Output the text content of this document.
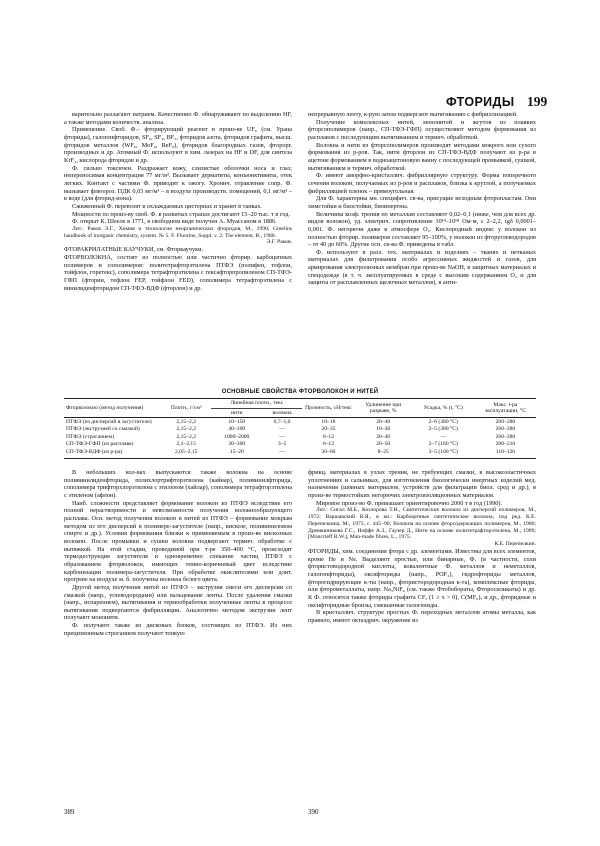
ФТОРИДЫ 199

варительно разлагают натрием. Качественно Ф. обнаруживают по выделению HF, а также методами количеств. анализа.

Применение. Своб. Ф.– фторирующий реагент в произ-ве UF₆ (см. Урана фториды), галогенфторидов, SF₆, SF₄, BF₃, фторидов азота, фторидов графита, высш. фторидов металлов (WF₆, MoF₆, ReF₆), фторидов благородных газов, фторорг. производных и др. Атомный Ф. используют в хим. лазерах на HF и DF, для синтеза KrF₂, кислорода фторидов и др.

Ф. сильно токсичен. Раздражает кожу, слизистые оболочки носа и глаз; непереносимая концентрация 77 мг/м³. Вызывает дерматиты, конъюнктивиты, отек легких. Контакт с частями Ф. приводит к ожогу. Хронич. отравление сопр. Ф. вызывает флюороз. ПДК 0,03 мг/м³ – в воздухе производств. помещений, 0,1 мг/м³ – в воде (для фторид-иона).

Сжиженный Ф. перевозят в охлаждаемых цистернах и хранят в танках.

Мощности по произ-ву своб. Ф. в развитых странах достигают 15–20 тыс. т в год.

Ф. открыт К. Шееле в 1771, в свободном виде получен А. Муассаном в 1886.

Лит.: Раков Э.Г., Химия и технология неорганических фторидов, М., 1990; Gmelins handbook of inorganic chemistry, system. № 5. F. Fluorine, Suppl. v. 2. The element, B., 1980.

Э.Г. Раков.

ФТОРАКРИЛАТНЫЕ КАУЧУКИ, см. Фторкаучуки.

ФТОРВОЛОКНА, состоят из полностью или частично фторир. карбоцепных полимеров и сополимеров: политетрафторэтилена ПТФЭ (полифен, тефлон, тойфлон, горетекс), сополимера тетрафторэтилена с гексафторпропиленом СП-ТФЭ-ГФП (фторин, тефлон FEP, тойфлон FED), сополимера тетрафторэтилена с винилиденфторидом СП-ТФЭ-ВДФ (фторлон) и др.

непрерывную ленту, к-рую затем подвергают вытягиванию с фибриллизацией.

Получение комплексных нитей, мононитей и жгутов из плавких фторсополимеров (напр., СП-ТФЭ-ГФП) осуществляют методом формования из расплавов с последующим вытягиванием и термич. обработкой.

Волокна и нити из фторсополимеров производят методами мокрого или сухого формования из р-ров. Так, нити фторлон из СП-ТФЭ-ВДФ получают из р-ра в ацетоне формованием в водноацетоновую ванну с последующей промывкой, сушкой, вытягиванием и термич. обработкой.

Ф. имеют аморфно-кристаллич. фибриллярную структуру. Форма поперечного сечения волокон, получаемых из р-ров и расплавов, близка к круглой, а получаемых фибрилляцией пленок – прямоугольная.

Для Ф. характерны мн. специфич. св-ва, присущие исходным фторопластам. Они химстойки и биостойки, биоинертны.

Величины коэф. трения по металлам составляют 0,02–0,1 (ниже, чем для всех др. видов волокон), уд. электрич. сопротивление 10¹⁴–10¹⁸ Ом·м, ε 2–2,2, tgδ 0,0001–0,001. Ф. негорючи даже в атмосфере O₂. Кислородный индекс у волокон из полностью фторир. полимеров составляет 95–100%, у волокон из фторуглеводородов – от 40 до 60%. Другие осн. св-ва Ф. приведены в табл.

Ф. используют в разл. тех. материалах и изделиях – тканях и нетканых материалах для фильтрования особо агрессивных жидкостей и газов, для армирования электролизных мембран при произ-ве NaOH, в защитных материалах и спецодежде (в т. ч. эксплуатируемых в среде с высоким содержанием O₂ и для защиты от расплавленных щелочных металлов), в анти-

ОСНОВНЫЕ СВОЙСТВА ФТОРВОЛОКОН И НИТЕЙ
Фторволокно (метод получения)	Плотн., г/см³	Линейная плотн., текс		Прочность, сН/текс	Удлинение при разрыве, %	Усадка, % (t, °С)	Макс. t-ра эксплуатации, °С
		нити	волокна				
ПТФЭ (из дисперсий в загустителе)	2,15–2,2	10–150	0,7–1,0	10–18	20–40	2–6 (380 °С)	260–280
ПТФЭ (экструзией со смазкой)	2,15–2,2	40–100	—	20–35	10–30	2–5 (380 °С)	260–280
ПТФЭ (строганием)	2,15–2,2	1000–2000	—	6–12	20–40	—	260–280
СП-ТФЭ-ГФП (из расплава)	2,1–2,15	30–300	3–5	6–12	20–50	2–7 (160 °С)	200–210
СП-ТФЭ-ВДФ (из р-ра)	2,05–2,15	15–20	—	30–60	8–25	3–5 (100 °С)	110–120

В небольших кол-вах выпускаются также волокна на основе поливинилиденфторида, полихлортрифторэтилена (кайнар), поливинилфторида, сополимера трифторхлорэтилена с этиленом (хайлар), сополимера тетрафторэтилена с этиленом (афлон).

Наиб. сложности представляет формование волокон из ПТФЭ вследствие его полной нерастворимости и невозможности получения волокнообразующего расплава. Осн. метод получения волокон и нитей из ПТФЭ – формование мокрым методом из его дисперсий в полимере-загустителе (напр., вискозе, поливиниловом спирте и др.). Условия формования близки к применяемым в произ-ве вискозных волокон. После промывки и сушки волокна подвергают термич. обработке с вытяжкой. На этой стадии, проводимой при т-ре 350–400 °С, происходят термодеструкция загустителя и одновременно спекание частиц ПТФЭ с образованием фторволокон, имеющих темно-коричневый цвет вследствие карбонизации полимера-загустителя. При обработке окислителями или длит. прогреве на воздухе м. б. получены волокна белого цвета.

Другой метод получения нитей из ПТФЭ – экструзия смеси его дисперсии со смазкой (напр., углеводородами) или вальцевание ленты. После удаления смазки (напр., испарением), вытягивания и термообработки полученные ленты в процессе вытягивания подвергаются фибрилляции. Аналогично методом экструзии лент получают мононити.

Ф. получают также из дисковых блоков, состоящих из ПТФЭ. Из них прецизионным строганием получают тонкую

фрикц. материалах в узлах трения, не требующих смазки, в высокоэластичных уплотнениях и сальниках, для изготовления биологически инертных изделий мед. назначения (шовных материалов, устройств для фильтрации биол. сред и др.), в произ-ве термостойких негорючих электроизоляционных материалов.

Мировое произ-во Ф. превышает ориентировочно 2000 т в год (1990).

Лит.: Сигал М.Б., Козлорова Т.Н., Синтетические волокна из дисперсий полимеров, М., 1972; Варшавский В.Я., в кн.: Карбоцепные синтетические волокна, под ред. К.Е. Перепелкина, М., 1973, с. 445–90; Волокна на основе фторсодержащих полимеров, М., 1980; Древешникова Г.С., Иоффе А.З., Гаузер Д., Нити на основе политетрафторэтилена, М., 1989; [Moncrieff R.W.], Man-made fibres, L., 1975.

К.Е. Перепелкин.

ФТОРИДЫ, хим. соединения фтора с др. элементами. Известны для всех элементов, кроме He и Ne. Выделяют простые, или бинарные, Ф. (в частности, соли фтористоводородной кислоты, ковалентные Ф. металлов и неметаллов, галогенфториды), оксифториды (напр., POF₃), гидрофториды металлов, фторогидрирующие к-ты (напр., фтористородородная к-та), комплексные фториды, или фторометаллаты, напр. Na₃NiF₆ (см. также Фтобобораты, Фторосиликаты) и др. К Ф. относятся также фториды графита CFₓ (1 ≥ x > 0), C(MF₆)ₓ и др., фторидные и оксифторидные бронзы, смешанные галогениды.

В кристаллич. структуре простых Ф. переходных металлов атомы металла, как правило, имеют октаэдрич. окружение из

389	390
